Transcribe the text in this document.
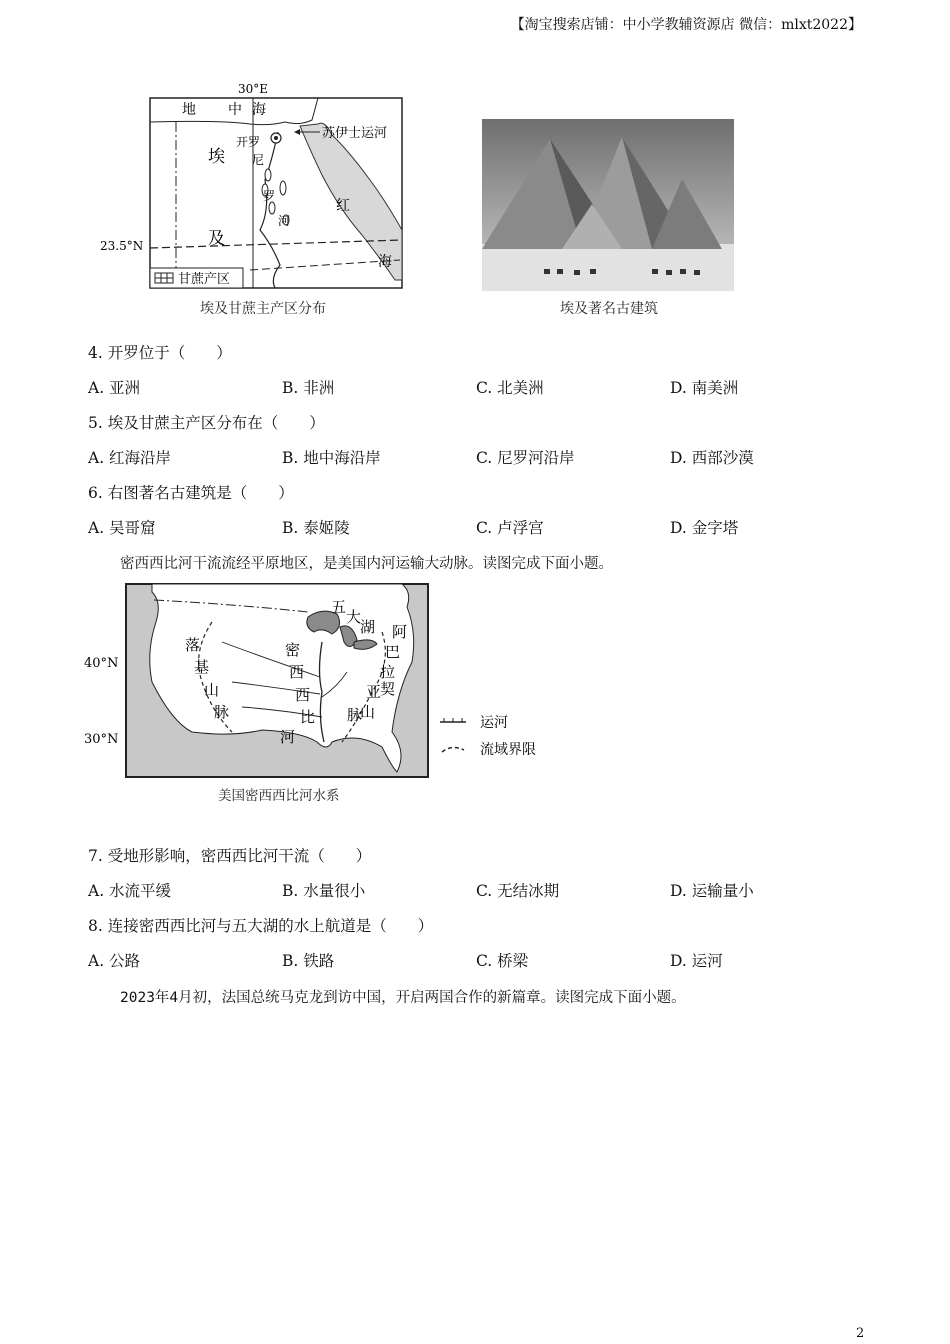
【淘宝搜索店铺：中小学教辅资源店 微信：mlxt2022】
30°E
23.5°N
地 中 海
埃
及
开罗
尼
罗
河
苏伊士运河
红
海
甘蔗产区
埃及甘蔗主产区分布	埃及著名古建筑
4. 开罗位于（　　）
A. 亚洲	B. 非洲	C. 北美洲	D. 南美洲
5. 埃及甘蔗主产区分布在（　　）
A. 红海沿岸	B. 地中海沿岸	C. 尼罗河沿岸	D. 西部沙漠
6. 右图著名古建筑是（　　）
A. 吴哥窟	B. 泰姬陵	C. 卢浮宫	D. 金字塔
密西西比河干流流经平原地区，是美国内河运输大动脉。读图完成下面小题。
40°N
30°N
五
大
湖
落
基
山
脉
密
西
西
比
河
阿
巴
拉
契
亚
山
脉	运河
流域界限
美国密西西比河水系
7. 受地形影响，密西西比河干流（　　）
A. 水流平缓	B. 水量很小	C. 无结冰期	D. 运输量小
8. 连接密西西比河与五大湖的水上航道是（　　）
A. 公路	B. 铁路	C. 桥梁	D. 运河
2023年4月初，法国总统马克龙到访中国，开启两国合作的新篇章。读图完成下面小题。
2
